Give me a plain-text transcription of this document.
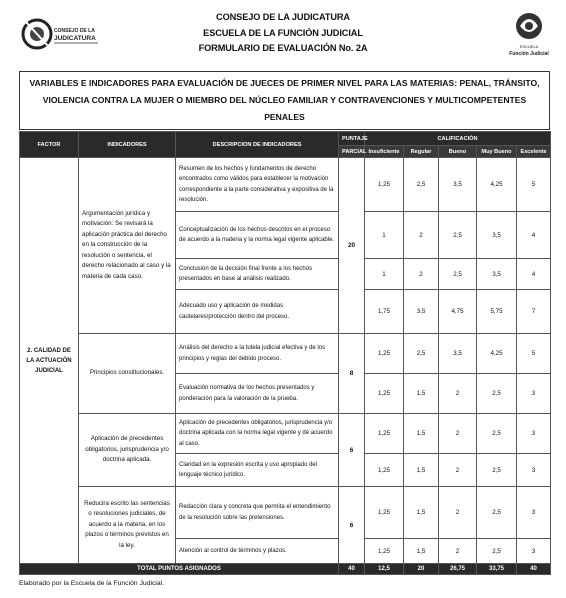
CONSEJO DE LA
JUDICATURA
CONSEJO DE LA JUDICATURA
ESCUELA DE LA FUNCIÓN JUDICIAL
FORMULARIO DE EVALUACIÓN No. 2A	ESCUELA
Función Judicial
VARIABLES E INDICADORES PARA EVALUACIÓN DE JUECES DE PRIMER NIVEL PARA LAS MATERIAS: PENAL, TRÁNSITO, VIOLENCIA CONTRA LA MUJER O MIEMBRO DEL NÚCLEO FAMILIAR Y CONTRAVENCIONES Y MULTICOMPETENTES PENALES
FACTOR	INDICADORES	DESCRIPCION DE INDICADORES	PUNTAJE	CALIFICACIÓN				
			PARCIAL	Insuficiente	Regular	Bueno	Muy Bueno	Excelente
2. CALIDAD DE LA ACTUACIÓN JUDICIAL	Argumentación jurídica y motivación: Se revisará la aplicación práctica del derecho en la construcción de la resolución o sentencia, el derecho relacionado al caso y la materia de cada caso.	Resumen de los hechos y fundamentos de derecho encontrados como válidos para establecer la motivación correspondiente a la parte considerativa y expositiva de la resolución.	20	1,25	2,5	3,5	4,25	5
		Conceptualización de los hechos descritos en el proceso de acuerdo a la materia y la norma legal vigente aplicable.		1	2	2,5	3,5	4
		Conclusión de la decisión final frente a los hechos presentados en base al análisis realizado.		1	2	2,5	3,5	4
		Adecuado uso y aplicación de medidas cautelares/protección dentro del proceso.		1,75	3,5	4,75	5,75	7
	Principios constitucionales.	Análisis del derecho a la tutela judicial efectiva y de los principios y reglas del debido proceso.	8	1,25	2,5	3,5	4,25	5
		Evaluación normativa de los hechos presentados y ponderación para la valoración de la prueba.		1,25	1,5	2	2,5	3
	Aplicación de precedentes obligatorios, jurisprudencia y/o doctrina aplicada.	Aplicación de precedentes obligatorios, jurisprudencia y/o doctrina aplicada con la norma legal vigente y de acuerdo al caso.	6	1,25	1,5	2	2,5	3
		Claridad en la expresión escrita y uso apropiado del lenguaje técnico jurídico.		1,25	1,5	2	2,5	3
	Reducira escrito las sentencias o resoluciones judiciales, de acuerdo a la materia, en los plazos o términos previstos en la ley.	Redacción clara y concreta que permita el entendimiento de la resolución sobre las pretensiones.	6	1,25	1,5	2	2,5	3
		Atención al control de términos y plazos.		1,25	1,5	2	2,5	3
TOTAL PUNTOS ASIGNADOS			40	12,5	20	26,75	33,75	40
Elaborado por la Escuela de la Función Judicial.
